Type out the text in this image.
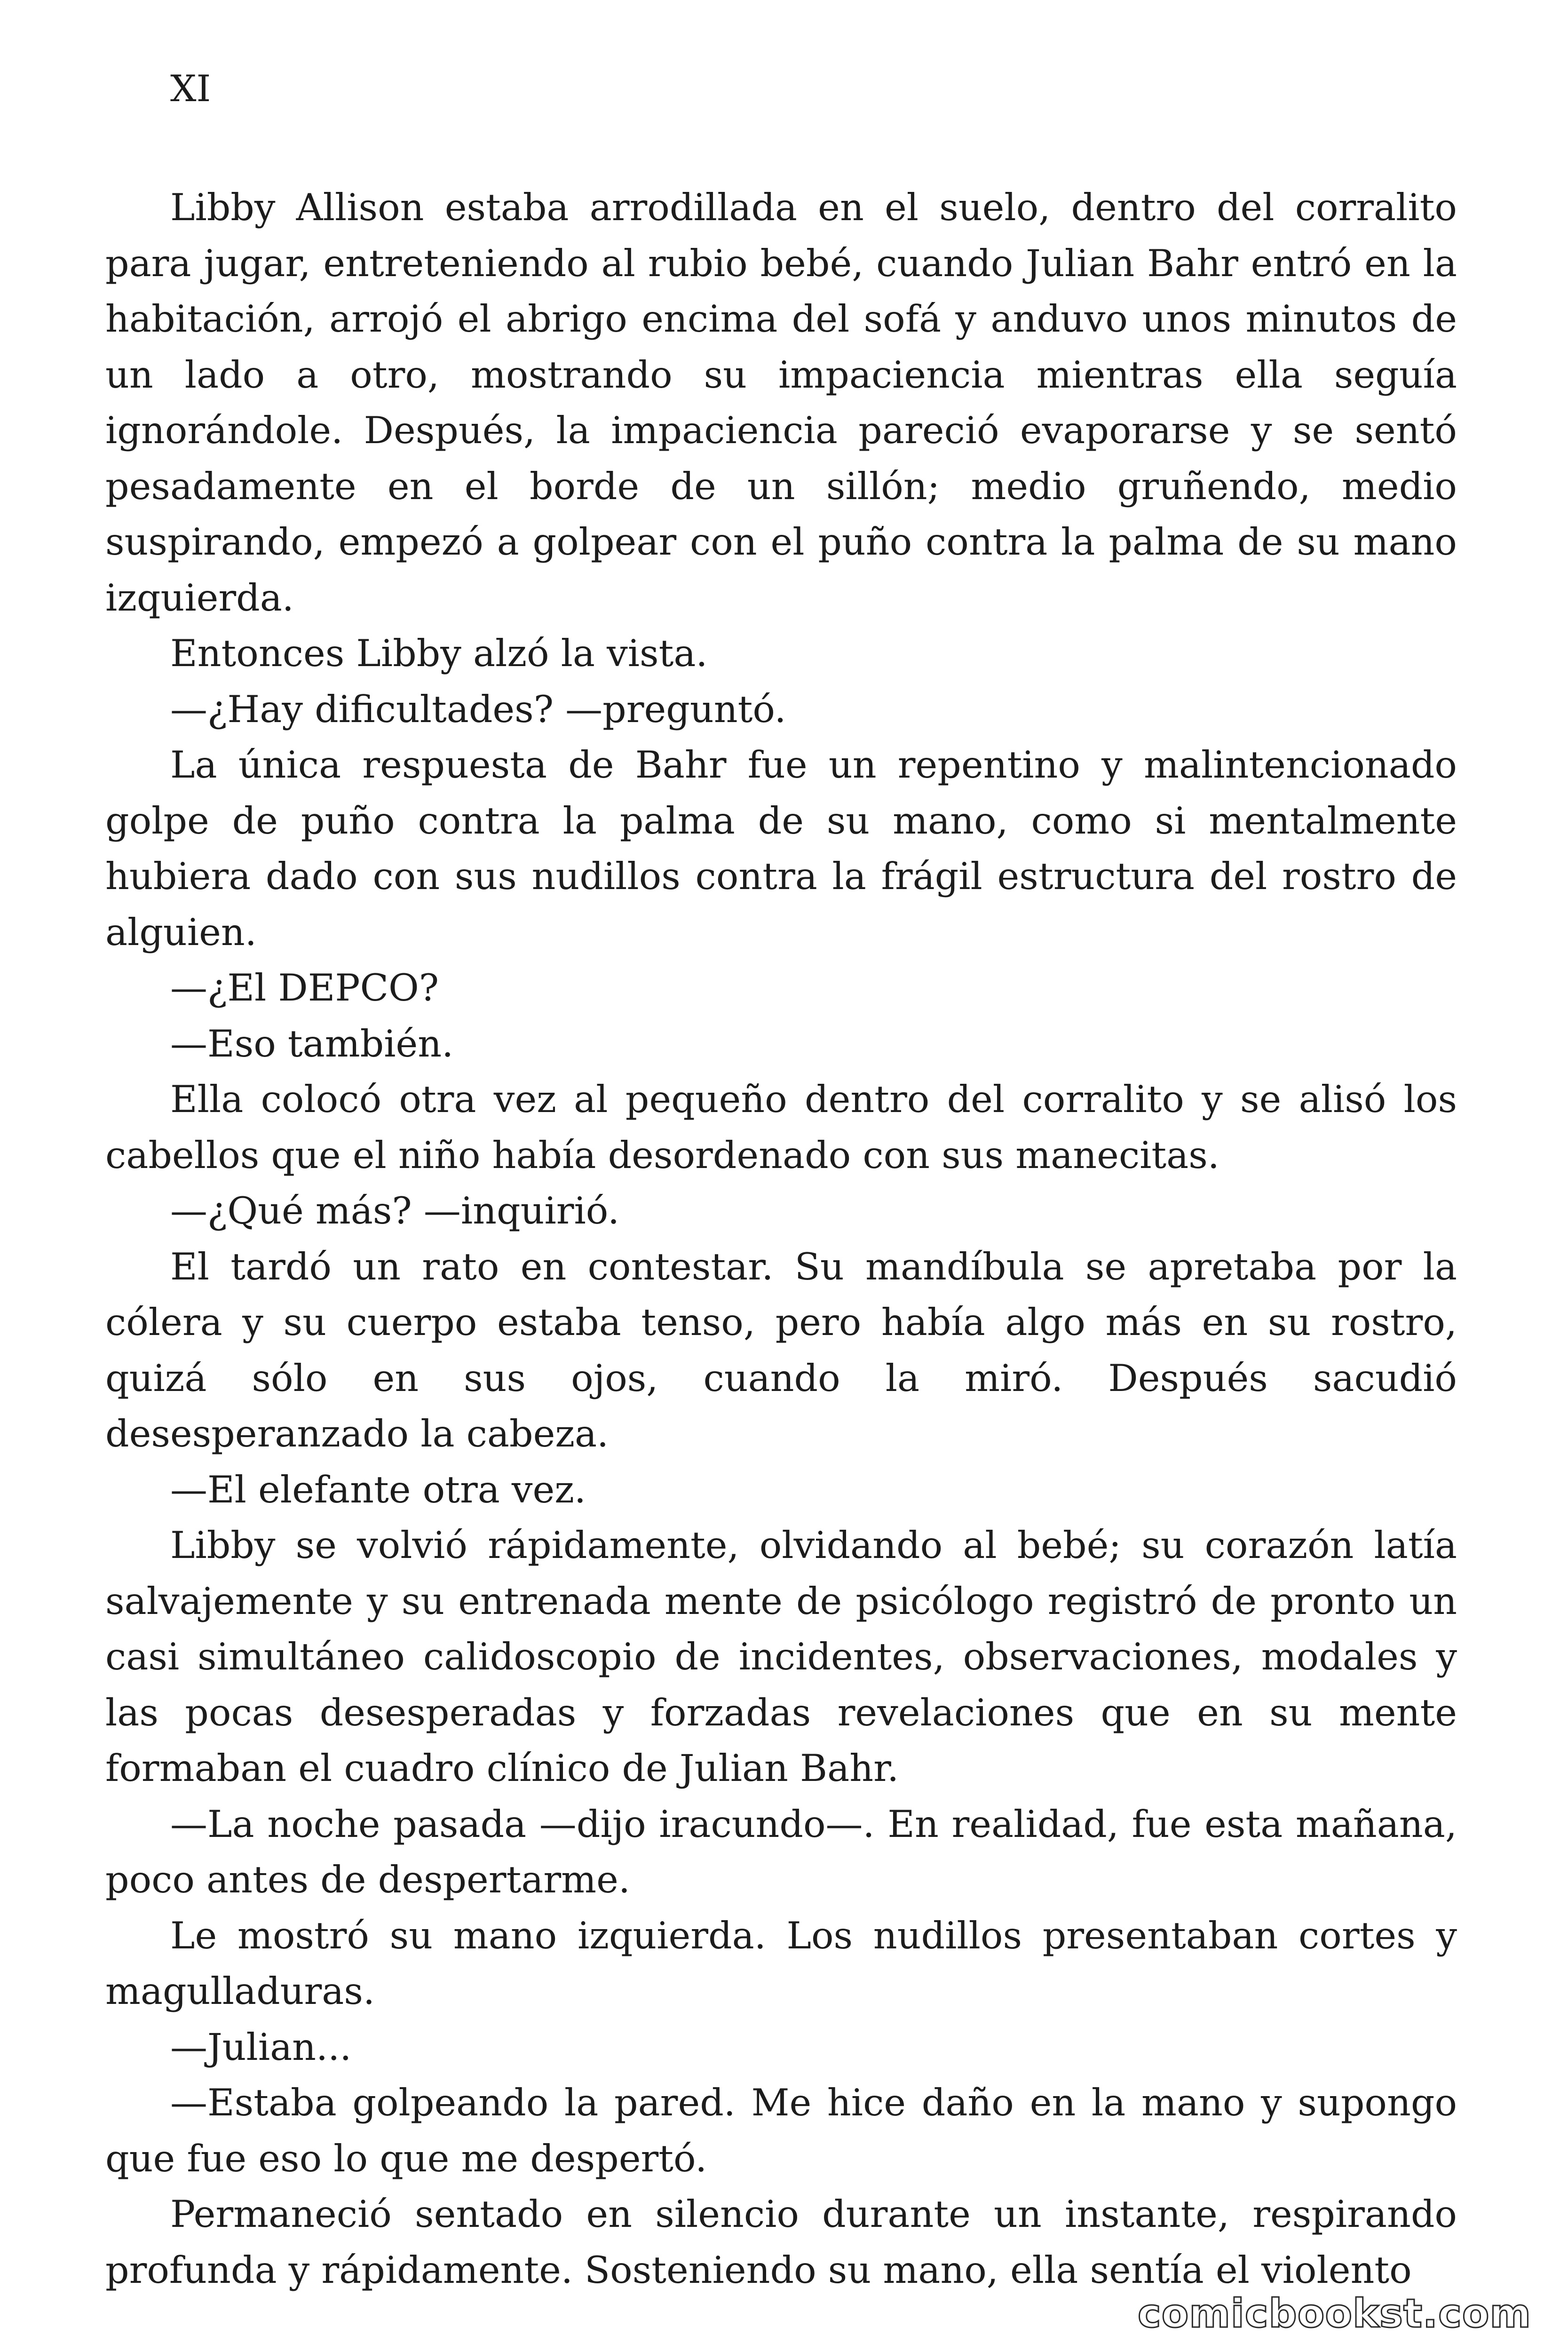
XI

Libby Allison estaba arrodillada en el suelo, dentro del corralito para jugar, entreteniendo al rubio bebé, cuando Julian Bahr entró en la habitación, arrojó el abrigo encima del sofá y anduvo unos minutos de un lado a otro, mostrando su impaciencia mientras ella seguía ignorándole. Después, la impaciencia pareció evaporarse y se sentó pesadamente en el borde de un sillón; medio gruñendo, medio suspirando, empezó a golpear con el puño contra la palma de su mano izquierda.

Entonces Libby alzó la vista.

—¿Hay dificultades? —preguntó.

La única respuesta de Bahr fue un repentino y malintencionado golpe de puño contra la palma de su mano, como si mentalmente hubiera dado con sus nudillos contra la frágil estructura del rostro de alguien.

—¿El DEPCO?

—Eso también.

Ella colocó otra vez al pequeño dentro del corralito y se alisó los cabellos que el niño había desordenado con sus manecitas.

—¿Qué más? —inquirió.

El tardó un rato en contestar. Su mandíbula se apretaba por la cólera y su cuerpo estaba tenso, pero había algo más en su rostro, quizá sólo en sus ojos, cuando la miró. Después sacudió desesperanzado la cabeza.

—El elefante otra vez.

Libby se volvió rápidamente, olvidando al bebé; su corazón latía salvajemente y su entrenada mente de psicólogo registró de pronto un casi simultáneo calidoscopio de incidentes, observaciones, modales y las pocas desesperadas y forzadas revelaciones que en su mente formaban el cuadro clínico de Julian Bahr.

—La noche pasada —dijo iracundo—. En realidad, fue esta mañana, poco antes de despertarme.

Le mostró su mano izquierda. Los nudillos presentaban cortes y magulladuras.

—Julian...

—Estaba golpeando la pared. Me hice daño en la mano y supongo que fue eso lo que me despertó.

Permaneció sentado en silencio durante un instante, respirando profunda y rápidamente. Sosteniendo su mano, ella sentía el violento

comicbookst.com
